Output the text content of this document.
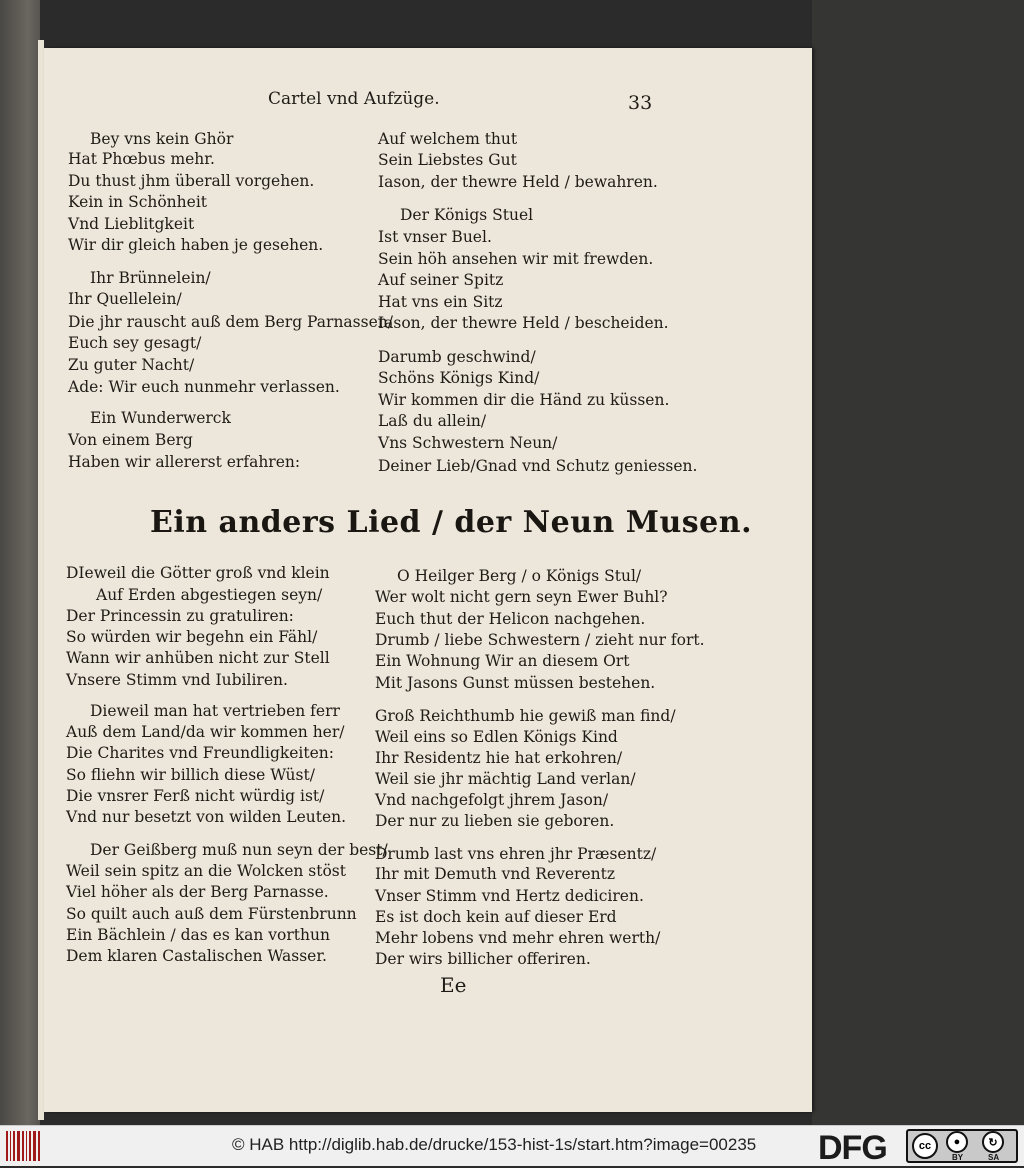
Cartel vnd Aufzüge.	33
Bey vns kein Ghör
Hat Phœbus mehr.
Du thust jhm überall vorgehen.
Kein in Schönheit
Vnd Lieblitgkeit
Wir dir gleich haben je gesehen.
Ihr Brünnelein/
Ihr Quellelein/
Die jhr rauscht auß dem Berg Parnassen/
Euch sey gesagt/
Zu guter Nacht/
Ade: Wir euch nunmehr verlassen.
Ein Wunderwerck
Von einem Berg
Haben wir allererst erfahren:
Auf welchem thut
Sein Liebstes Gut
Iason, der thewre Held / bewahren.
Der Königs Stuel
Ist vnser Buel.
Sein höh ansehen wir mit frewden.
Auf seiner Spitz
Hat vns ein Sitz
Iason, der thewre Held / bescheiden.
Darumb geschwind/
Schöns Königs Kind/
Wir kommen dir die Händ zu küssen.
Laß du allein/
Vns Schwestern Neun/
Deiner Lieb/Gnad vnd Schutz geniessen.
Ein anders Lied / der Neun Musen.
DIeweil die Götter groß vnd klein
Auf Erden abgestiegen seyn/
Der Princessin zu gratuliren:
So würden wir begehn ein Fähl/
Wann wir anhüben nicht zur Stell
Vnsere Stimm vnd Iubiliren.
Dieweil man hat vertrieben ferr
Auß dem Land/da wir kommen her/
Die Charites vnd Freundligkeiten:
So fliehn wir billich diese Wüst/
Die vnsrer Ferß nicht würdig ist/
Vnd nur besetzt von wilden Leuten.
Der Geißberg muß nun seyn der best/
Weil sein spitz an die Wolcken stöst
Viel höher als der Berg Parnasse.
So quilt auch auß dem Fürstenbrunn
Ein Bächlein / das es kan vorthun
Dem klaren Castalischen Wasser.
O Heilger Berg / o Königs Stul/
Wer wolt nicht gern seyn Ewer Buhl?
Euch thut der Helicon nachgehen.
Drumb / liebe Schwestern / zieht nur fort.
Ein Wohnung Wir an diesem Ort
Mit Jasons Gunst müssen bestehen.
Groß Reichthumb hie gewiß man find/
Weil eins so Edlen Königs Kind
Ihr Residentz hie hat erkohren/
Weil sie jhr mächtig Land verlan/
Vnd nachgefolgt jhrem Jason/
Der nur zu lieben sie geboren.
Drumb last vns ehren jhr Præsentz/
Ihr mit Demuth vnd Reverentz
Vnser Stimm vnd Hertz dediciren.
Es ist doch kein auf dieser Erd
Mehr lobens vnd mehr ehren werth/
Der wirs billicher offeriren.
Ee
© HAB http://diglib.hab.de/drucke/153-hist-1s/start.htm?image=00235 DFG	cc	●
BY
↻
SA
